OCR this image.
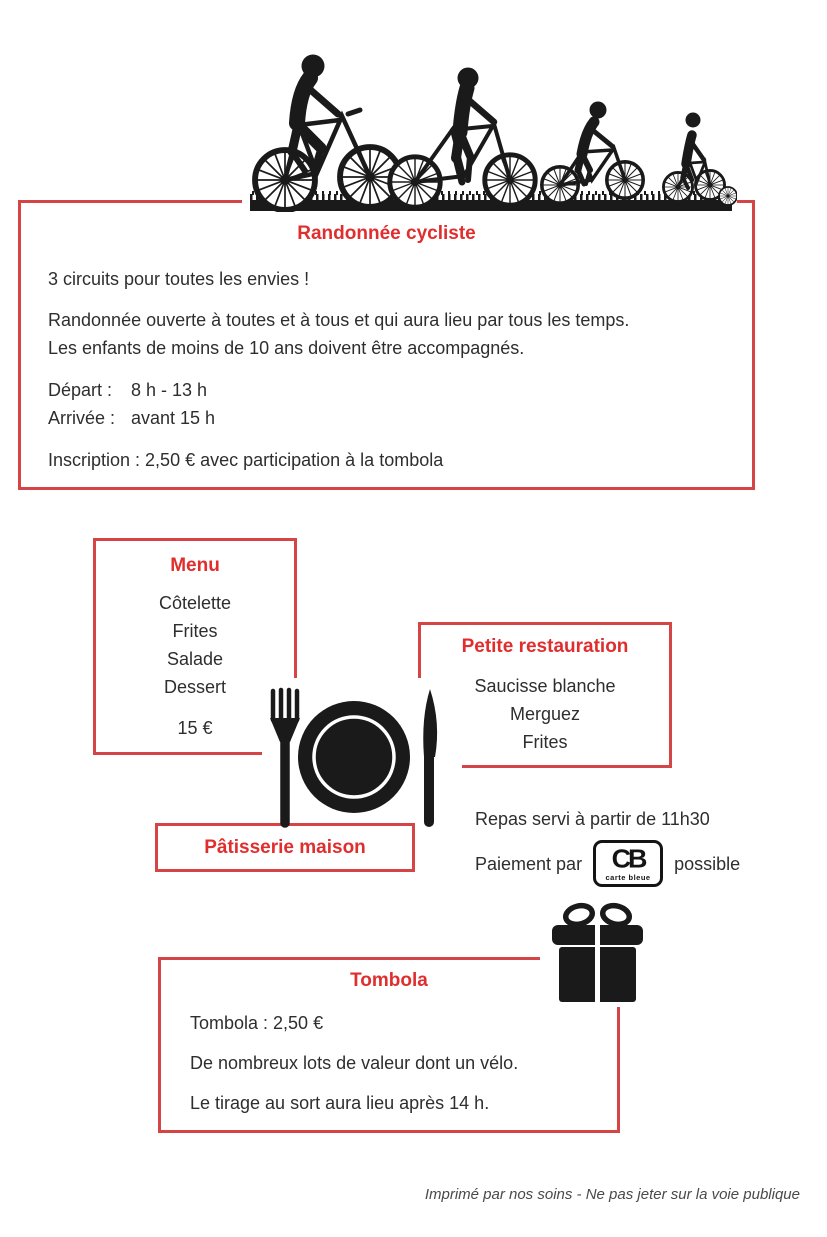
Randonnée cycliste
3 circuits pour toutes les envies !
Randonnée ouverte à toutes et à tous et qui aura lieu par tous les temps.
Les enfants de moins de 10 ans doivent être accompagnés.
Départ :	8 h - 13 h
Arrivée : avant 15 h
Inscription : 2,50 € avec participation à la tombola
Menu
Côtelette
Frites
Salade
Dessert
15 €
Petite restauration
Saucisse blanche
Merguez
Frites
Pâtisserie maison
Repas servi à partir de 11h30
Paiement par CB
carte bleue
possible
Tombola
Tombola : 2,50 €
De nombreux lots de valeur dont un vélo.
Le tirage au sort aura lieu après 14 h.
Imprimé par nos soins - Ne pas jeter sur la voie publique
